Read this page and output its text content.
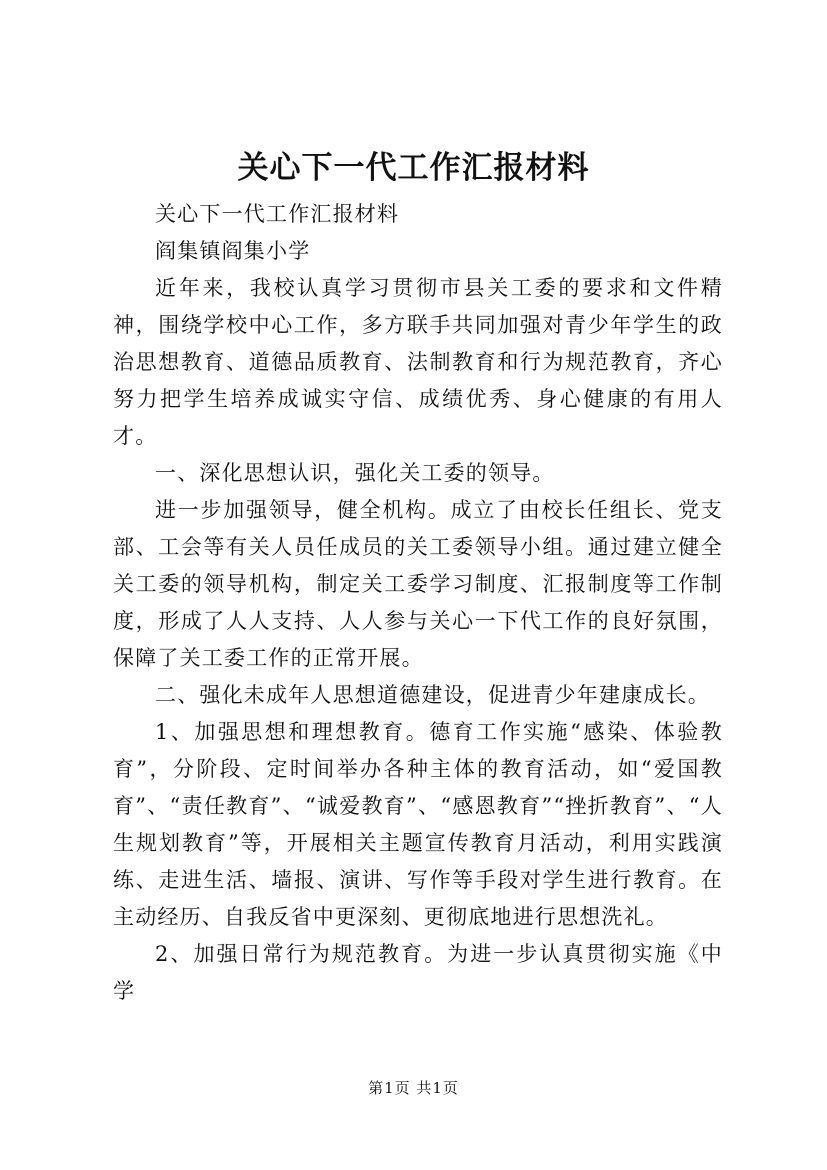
关心下一代工作汇报材料

关心下一代工作汇报材料

阎集镇阎集小学

近年来，我校认真学习贯彻市县关工委的要求和文件精神，围绕学校中心工作，多方联手共同加强对青少年学生的政治思想教育、道德品质教育、法制教育和行为规范教育，齐心努力把学生培养成诚实守信、成绩优秀、身心健康的有用人才。

一、深化思想认识，强化关工委的领导。

进一步加强领导，健全机构。成立了由校长任组长、党支部、工会等有关人员任成员的关工委领导小组。通过建立健全关工委的领导机构，制定关工委学习制度、汇报制度等工作制度，形成了人人支持、人人参与关心一下代工作的良好氛围，保障了关工委工作的正常开展。

二、强化未成年人思想道德建设，促进青少年建康成长。

1、加强思想和理想教育。德育工作实施“感染、体验教育”，分阶段、定时间举办各种主体的教育活动，如“爱国教育”、“责任教育”、“诚爱教育”、“感恩教育”“挫折教育”、“人生规划教育”等，开展相关主题宣传教育月活动，利用实践演练、走进生活、墙报、演讲、写作等手段对学生进行教育。在主动经历、自我反省中更深刻、更彻底地进行思想洗礼。

2、加强日常行为规范教育。为进一步认真贯彻实施《中学

第1页 共1页
